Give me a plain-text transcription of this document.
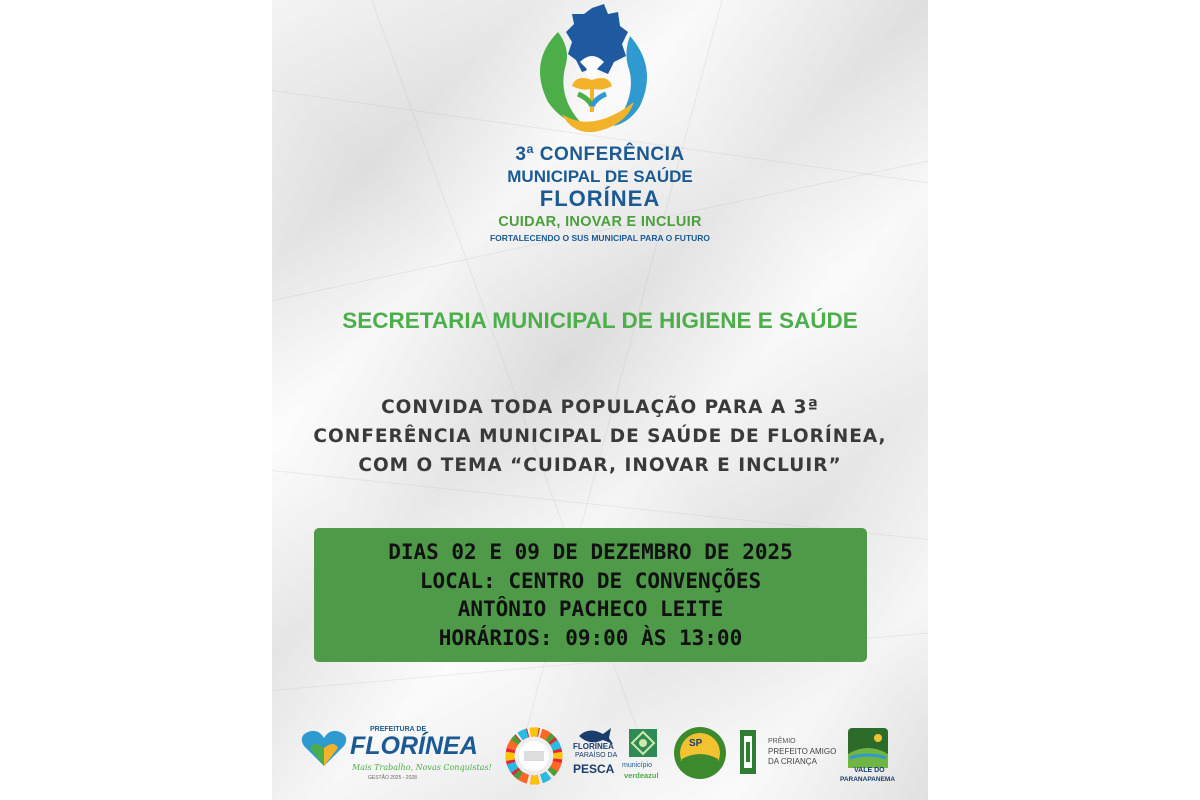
3ª CONFERÊNCIA
MUNICIPAL DE SAÚDE
FLORÍNEA
CUIDAR, INOVAR E INCLUIR
FORTALECENDO O SUS MUNICIPAL PARA O FUTURO
SECRETARIA MUNICIPAL DE HIGIENE E SAÚDE
CONVIDA TODA POPULAÇÃO PARA A 3ª
CONFERÊNCIA MUNICIPAL DE SAÚDE DE FLORÍNEA,
COM O TEMA “CUIDAR, INOVAR E INCLUIR”
DIAS 02 E 09 DE DEZEMBRO DE 2025
LOCAL: CENTRO DE CONVENÇÕES
ANTÔNIO PACHECO LEITE
HORÁRIOS: 09:00 ÀS 13:00
PREFEITURA DE
FLORÍNEA
Mais Trabalho, Novas Conquistas!
GESTÃO 2025 - 2028
FLORÍNEA
PARAÍSO DA
PESCA município
verdeazul
SP	PRÊMIO
PREFEITO AMIGO
DA CRIANÇA
VALE DO
PARANAPANEMA
